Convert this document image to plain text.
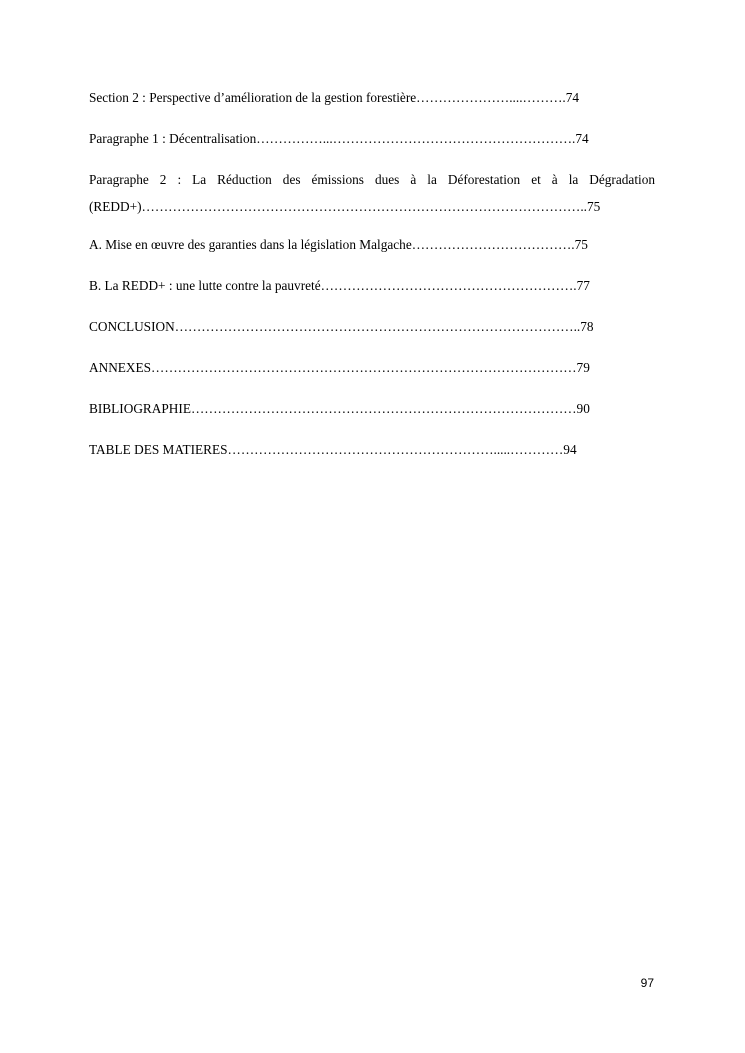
Section 2 : Perspective d’amélioration de la gestion forestière…………………....……….74
Paragraphe 1 : Décentralisation……………...……………………………………………….74
Paragraphe 2 : La Réduction des émissions dues à la Déforestation et à la Dégradation (REDD+)………………………………………………………………………………………..75
A. Mise en œuvre des garanties dans la législation Malgache……………………………….75
B. La REDD+ : une lutte contre la pauvreté………………………………………………….77
CONCLUSION………………………………………………………………………………..78
ANNEXES……………………………………………………………………………………79
BIBLIOGRAPHIE……………………………………………………………………………90
TABLE DES MATIERES…………………………………………………….....…………94
97
